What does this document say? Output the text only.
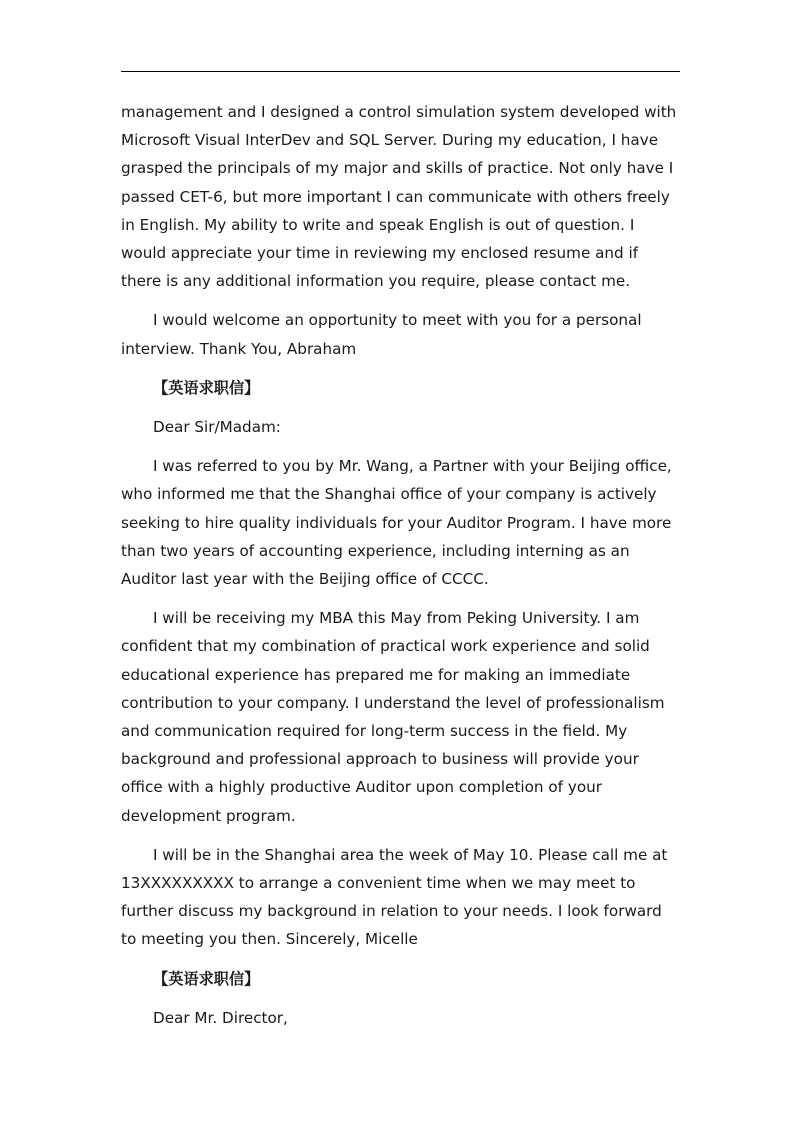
management and I designed a control simulation system developed with Microsoft Visual InterDev and SQL Server. During my education, I have grasped the principals of my major and skills of practice. Not only have I passed CET-6, but more important I can communicate with others freely in English. My ability to write and speak English is out of question. I would appreciate your time in reviewing my enclosed resume and if there is any additional information you require, please contact me.

I would welcome an opportunity to meet with you for a personal interview. Thank You, Abraham

【英语求职信】

Dear Sir/Madam:

I was referred to you by Mr. Wang, a Partner with your Beijing office, who informed me that the Shanghai office of your company is actively seeking to hire quality individuals for your Auditor Program. I have more than two years of accounting experience, including interning as an Auditor last year with the Beijing office of CCCC.

I will be receiving my MBA this May from Peking University. I am confident that my combination of practical work experience and solid educational experience has prepared me for making an immediate contribution to your company. I understand the level of professionalism and communication required for long-term success in the field. My background and professional approach to business will provide your office with a highly productive Auditor upon completion of your development program.

I will be in the Shanghai area the week of May 10. Please call me at 13XXXXXXXXX to arrange a convenient time when we may meet to further discuss my background in relation to your needs. I look forward to meeting you then. Sincerely, Micelle

【英语求职信】

Dear Mr. Director,
